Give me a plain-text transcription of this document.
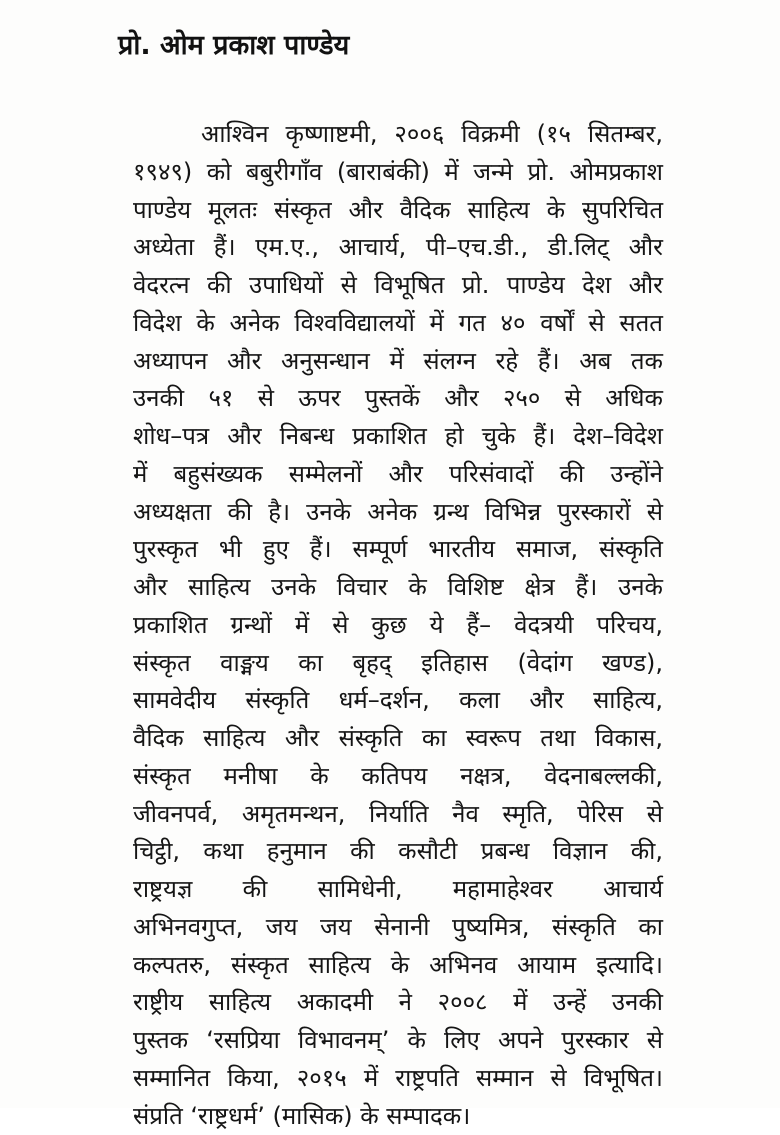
प्रो. ओम प्रकाश पाण्डेय
आश्विन कृष्णाष्टमी, २००६ विक्रमी (१५ सितम्बर,
१९४९) को बबुरीगाँव (बाराबंकी) में जन्मे प्रो. ओमप्रकाश
पाण्डेय मूलतः संस्कृत और वैदिक साहित्य के सुपरिचित
अध्येता हैं। एम.ए., आचार्य, पी–एच.डी., डी.लिट् और
वेदरत्न की उपाधियों से विभूषित प्रो. पाण्डेय देश और
विदेश के अनेक विश्वविद्यालयों में गत ४० वर्षों से सतत
अध्यापन और अनुसन्धान में संलग्न रहे हैं। अब तक
उनकी ५१ से ऊपर पुस्तकें और २५० से अधिक
शोध–पत्र और निबन्ध प्रकाशित हो चुके हैं। देश–विदेश
में बहुसंख्यक सम्मेलनों और परिसंवादों की उन्होंने
अध्यक्षता की है। उनके अनेक ग्रन्थ विभिन्न पुरस्कारों से
पुरस्कृत भी हुए हैं। सम्पूर्ण भारतीय समाज, संस्कृति
और साहित्य उनके विचार के विशिष्ट क्षेत्र हैं। उनके
प्रकाशित ग्रन्थों में से कुछ ये हैं– वेदत्रयी परिचय,
संस्कृत वाङ्मय का बृहद् इतिहास (वेदांग खण्ड),
सामवेदीय संस्कृति धर्म–दर्शन, कला और साहित्य,
वैदिक साहित्य और संस्कृति का स्वरूप तथा विकास,
संस्कृत मनीषा के कतिपय नक्षत्र, वेदनाबल्लकी,
जीवनपर्व, अमृतमन्थन, निर्याति नैव स्मृति, पेरिस से
चिट्ठी, कथा हनुमान की कसौटी प्रबन्ध विज्ञान की,
राष्ट्रयज्ञ की सामिधेनी, महामाहेश्वर आचार्य
अभिनवगुप्त, जय जय सेनानी पुष्यमित्र, संस्कृति का
कल्पतरु, संस्कृत साहित्य के अभिनव आयाम इत्यादि।
राष्ट्रीय साहित्य अकादमी ने २००८ में उन्हें उनकी
पुस्तक ‘रसप्रिया विभावनम्’ के लिए अपने पुरस्कार से
सम्मानित किया, २०१५ में राष्ट्रपति सम्मान से विभूषित।
संप्रति ‘राष्ट्रधर्म’ (मासिक) के सम्पादक।
